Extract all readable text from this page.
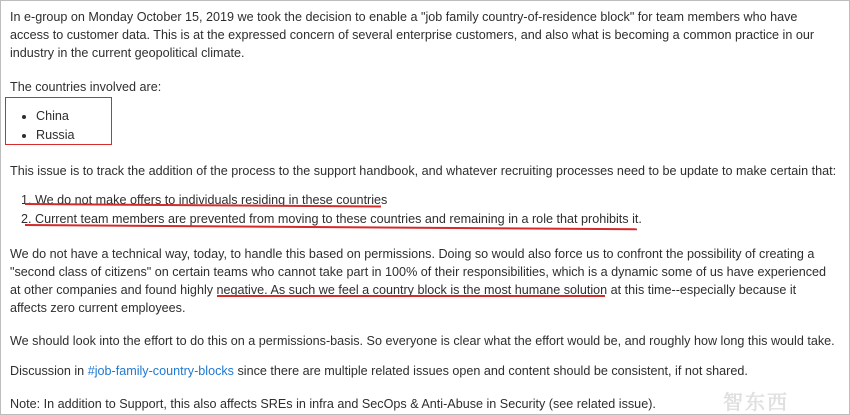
In e-group on Monday October 15, 2019 we took the decision to enable a "job family country-of-residence block" for team members who have access to customer data. This is at the expressed concern of several enterprise customers, and also what is becoming a common practice in our industry in the current geopolitical climate.

The countries involved are:

• China
• Russia

This issue is to track the addition of the process to the support handbook, and whatever recruiting processes need to be update to make certain that:

1. We do not make offers to individuals residing in these countries
2. Current team members are prevented from moving to these countries and remaining in a role that prohibits it.

We do not have a technical way, today, to handle this based on permissions. Doing so would also force us to confront the possibility of creating a "second class of citizens" on certain teams who cannot take part in 100% of their responsibilities, which is a dynamic some of us have experienced at other companies and found highly negative. As such we feel a country block is the most humane solution at this time--especially because it affects zero current employees.

We should look into the effort to do this on a permissions-basis. So everyone is clear what the effort would be, and roughly how long this would take.

Discussion in #job-family-country-blocks since there are multiple related issues open and content should be consistent, if not shared.

Note: In addition to Support, this also affects SREs in infra and SecOps & Anti-Abuse in Security (see related issue).	智东西
